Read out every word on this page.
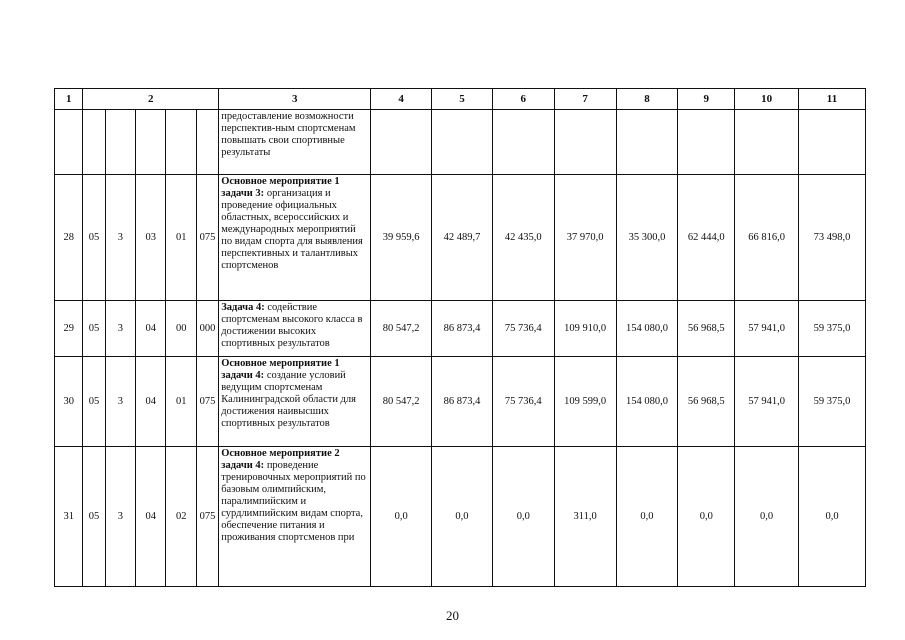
1	2					3	4	5	6	7	8	9	10	11
						предоставление возможности перспектив-ным спортсменам повышать свои спортивные результаты								
28	05	3	03	01	075	Основное мероприятие 1 задачи 3: организация и проведение официальных областных, всероссийских и международных мероприятий по видам спорта для выявления перспективных и талантливых спортсменов	39 959,6	42 489,7	42 435,0	37 970,0	35 300,0	62 444,0	66 816,0	73 498,0
29	05	3	04	00	000	Задача 4: содействие спортсменам высокого класса в достижении высоких спортивных результатов	80 547,2	86 873,4	75 736,4	109 910,0	154 080,0	56 968,5	57 941,0	59 375,0
30	05	3	04	01	075	Основное мероприятие 1 задачи 4: создание условий ведущим спортсменам Калининградской области для достижения наивысших спортивных результатов	80 547,2	86 873,4	75 736,4	109 599,0	154 080,0	56 968,5	57 941,0	59 375,0
31	05	3	04	02	075	Основное мероприятие 2 задачи 4: проведение тренировочных мероприятий по базовым олимпийским, паралимпийским и сурдлимпийским видам спорта, обеспечение питания и проживания спортсменов при	0,0	0,0	0,0	311,0	0,0	0,0	0,0	0,0
20
